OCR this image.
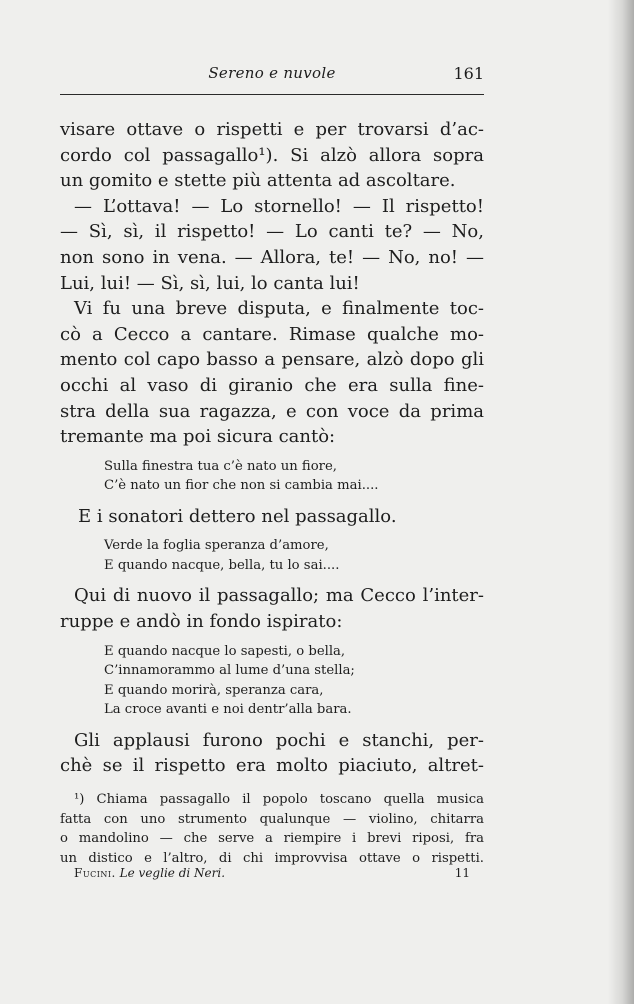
Sereno e nuvole	161
visare ottave o rispetti e per trovarsi d’ac-
cordo col passagallo¹). Si alzò allora sopra
un gomito e stette più attenta ad ascoltare.
— L’ottava! — Lo stornello! — Il rispetto!
— Sì, sì, il rispetto! — Lo canti te? — No,
non sono in vena. — Allora, te! — No, no! —
Lui, lui! — Sì, sì, lui, lo canta lui!
Vi fu una breve disputa, e finalmente toc-
cò a Cecco a cantare. Rimase qualche mo-
mento col capo basso a pensare, alzò dopo gli
occhi al vaso di giranio che era sulla fine-
stra della sua ragazza, e con voce da prima
tremante ma poi sicura cantò:
Sulla finestra tua c’è nato un fiore,
C’è nato un fior che non si cambia mai....
E i sonatori dettero nel passagallo.
Verde la foglia speranza d’amore,
E quando nacque, bella, tu lo sai....
Qui di nuovo il passagallo; ma Cecco l’inter-
ruppe e andò in fondo ispirato:
E quando nacque lo sapesti, o bella,
C’innamorammo al lume d’una stella;
E quando morirà, speranza cara,
La croce avanti e noi dentr’alla bara.
Gli applausi furono pochi e stanchi, per-
chè se il rispetto era molto piaciuto, altret-
¹) Chiama passagallo il popolo toscano quella musica
fatta con uno strumento qualunque — violino, chitarra
o mandolino — che serve a riempire i brevi riposi, fra
un distico e l’altro, di chi improvvisa ottave o rispetti.
Fucini. Le veglie di Neri.	11
